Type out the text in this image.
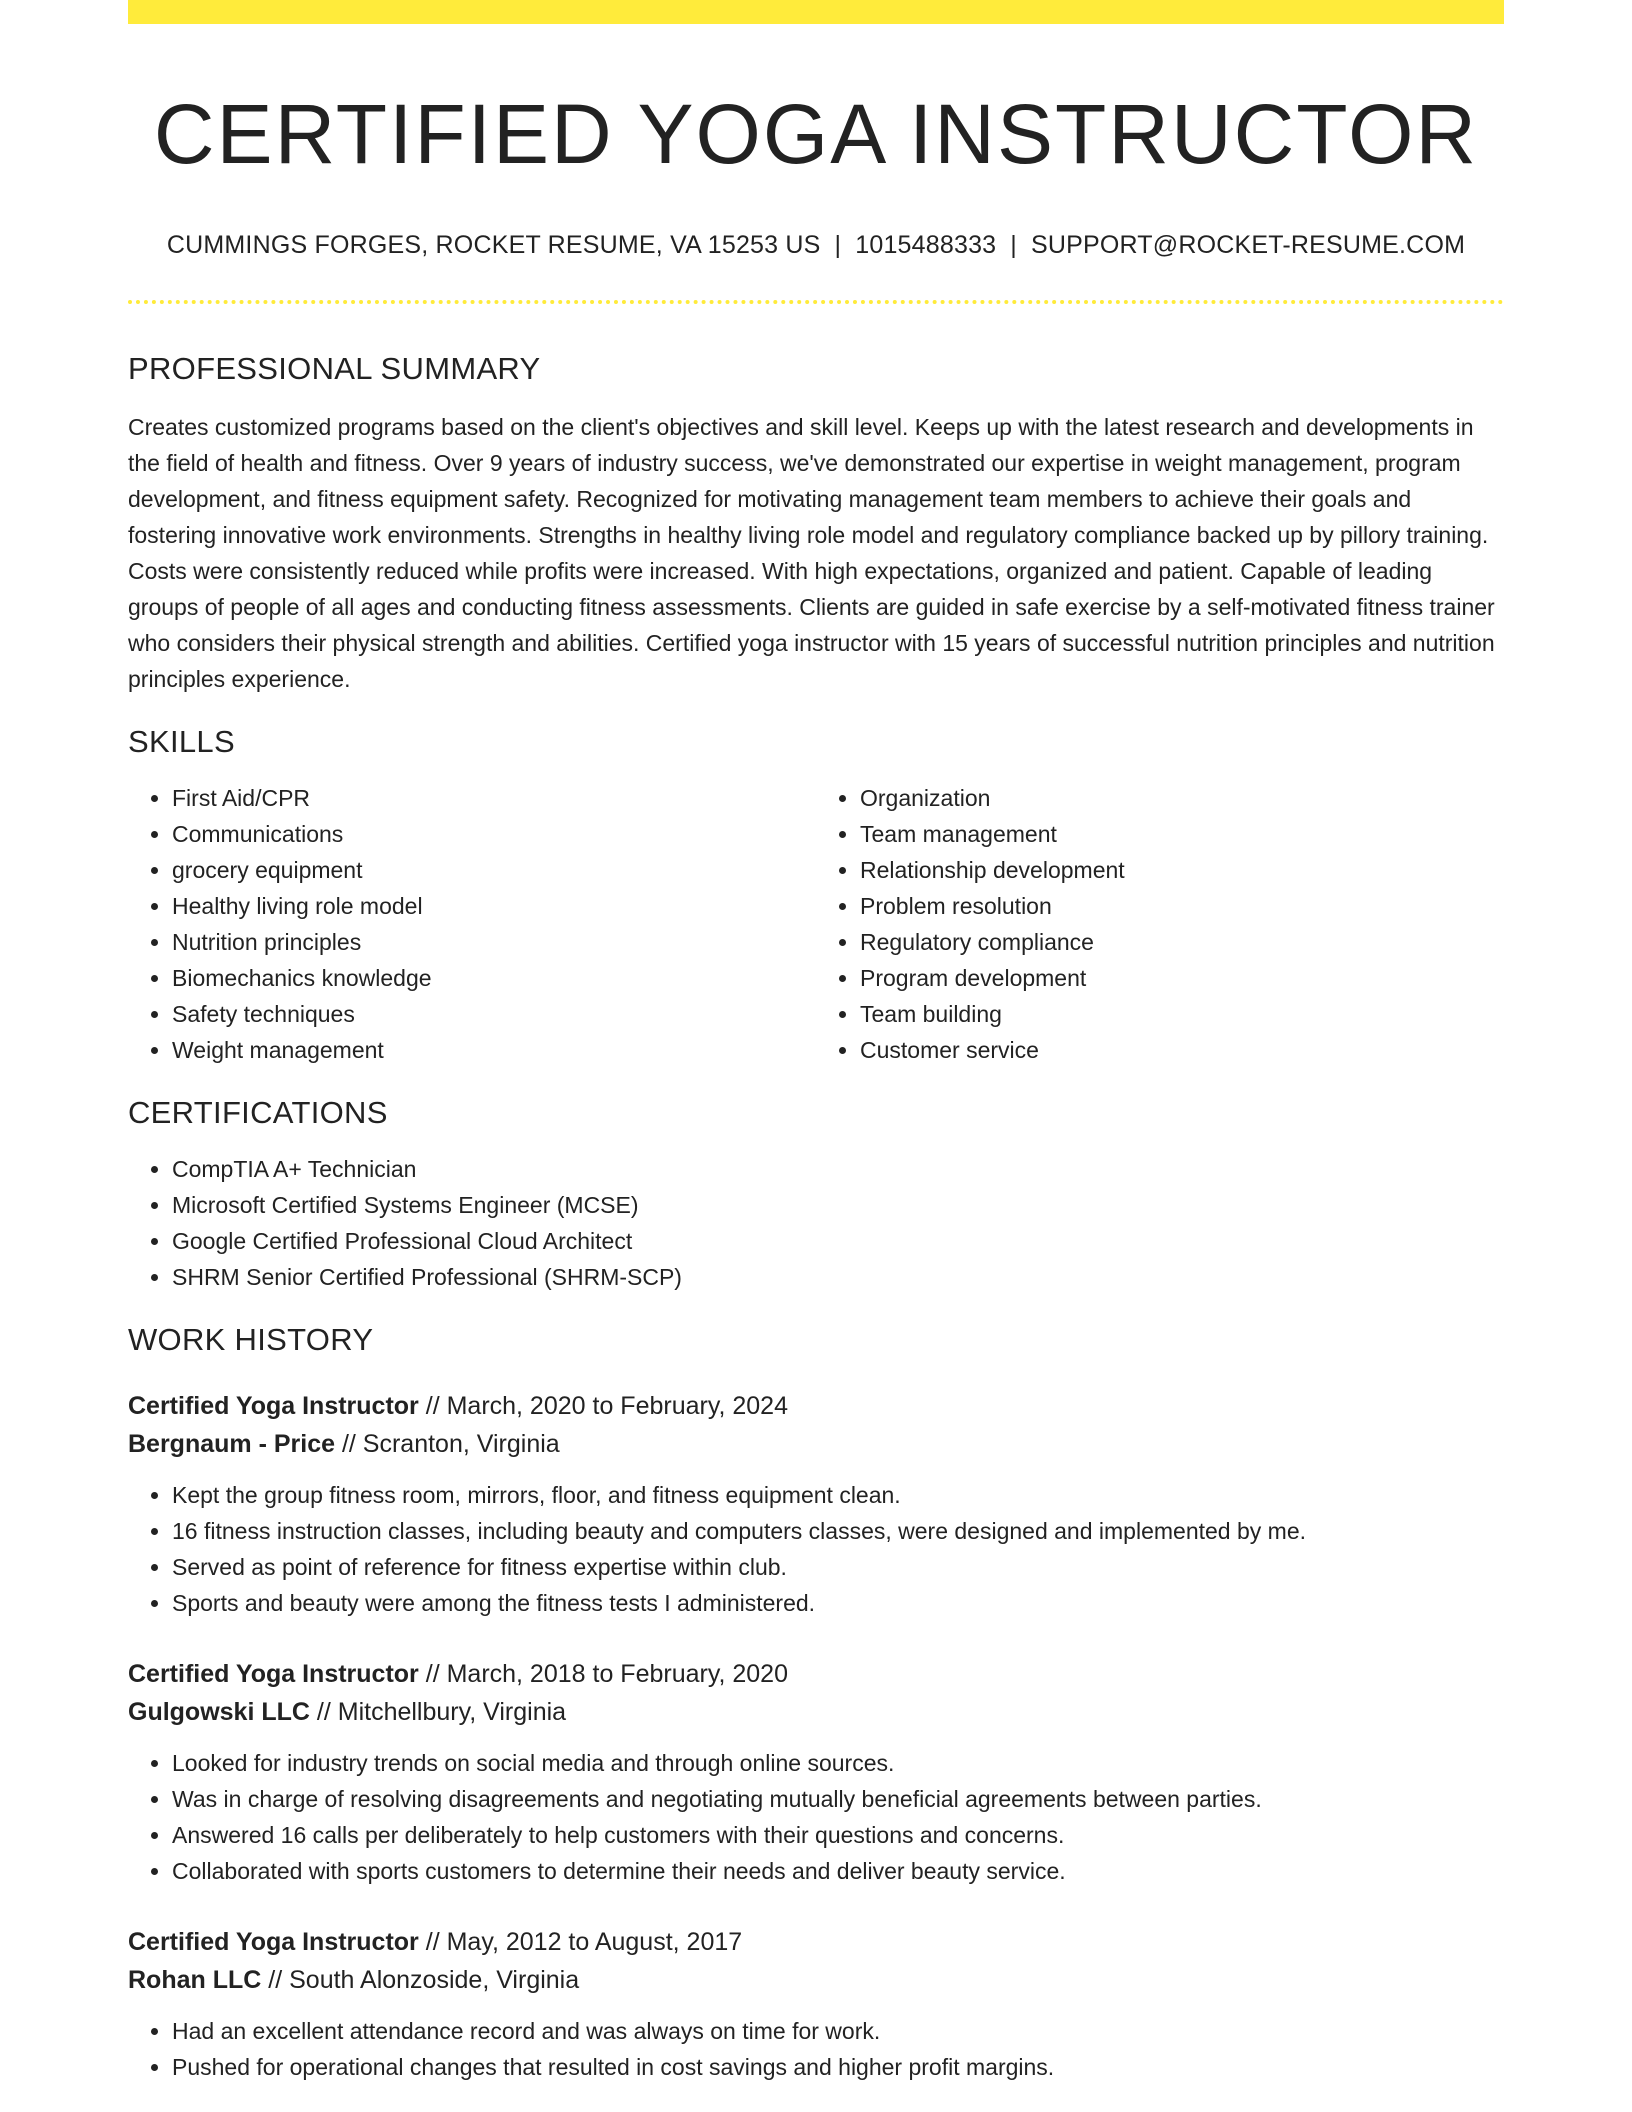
CERTIFIED YOGA INSTRUCTOR
CUMMINGS FORGES, ROCKET RESUME, VA 15253 US | 1015488333 | SUPPORT@ROCKET-RESUME.COM
PROFESSIONAL SUMMARY

Creates customized programs based on the client's objectives and skill level. Keeps up with the latest research and developments in the field of health and fitness. Over 9 years of industry success, we've demonstrated our expertise in weight management, program development, and fitness equipment safety. Recognized for motivating management team members to achieve their goals and fostering innovative work environments. Strengths in healthy living role model and regulatory compliance backed up by pillory training. Costs were consistently reduced while profits were increased. With high expectations, organized and patient. Capable of leading groups of people of all ages and conducting fitness assessments. Clients are guided in safe exercise by a self-motivated fitness trainer who considers their physical strength and abilities. Certified yoga instructor with 15 years of successful nutrition principles and nutrition principles experience.

SKILLS
• First Aid/CPR
• Communications
• grocery equipment
• Healthy living role model
• Nutrition principles
• Biomechanics knowledge
• Safety techniques
• Weight management
• Organization
• Team management
• Relationship development
• Problem resolution
• Regulatory compliance
• Program development
• Team building
• Customer service
CERTIFICATIONS
• CompTIA A+ Technician
• Microsoft Certified Systems Engineer (MCSE)
• Google Certified Professional Cloud Architect
• SHRM Senior Certified Professional (SHRM-SCP)
WORK HISTORY
Certified Yoga Instructor // March, 2020 to February, 2024
Bergnaum - Price // Scranton, Virginia
• Kept the group fitness room, mirrors, floor, and fitness equipment clean.
• 16 fitness instruction classes, including beauty and computers classes, were designed and implemented by me.
• Served as point of reference for fitness expertise within club.
• Sports and beauty were among the fitness tests I administered.
Certified Yoga Instructor // March, 2018 to February, 2020
Gulgowski LLC // Mitchellbury, Virginia
• Looked for industry trends on social media and through online sources.
• Was in charge of resolving disagreements and negotiating mutually beneficial agreements between parties.
• Answered 16 calls per deliberately to help customers with their questions and concerns.
• Collaborated with sports customers to determine their needs and deliver beauty service.
Certified Yoga Instructor // May, 2012 to August, 2017
Rohan LLC // South Alonzoside, Virginia
• Had an excellent attendance record and was always on time for work.
• Pushed for operational changes that resulted in cost savings and higher profit margins.
